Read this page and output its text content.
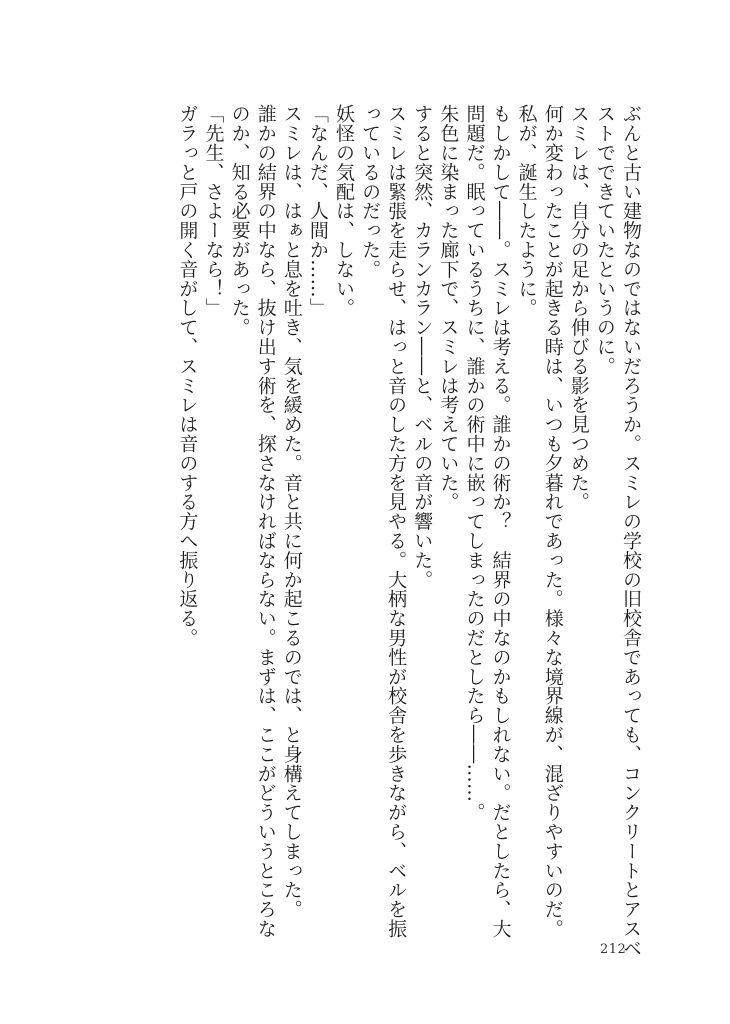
ぶんと古い建物なのではないだろうか。スミレの学校の旧校舎であっても、コンクリートとアスベ
ストでできていたというのに。
スミレは、自分の足から伸びる影を見つめた。
何か変わったことが起きる時は、いつも夕暮れであった。様々な境界線が、混ざりやすいのだ。
私が、誕生したように。
もしかして――。スミレは考える。誰かの術か？　結界の中なのかもしれない。だとしたら、大
問題だ。眠っているうちに、誰かの術中に嵌ってしまったのだとしたら――……。
朱色に染まった廊下で、スミレは考えていた。
すると突然、カランカラン――と、ベルの音が響いた。
スミレは緊張を走らせ、はっと音のした方を見やる。大柄な男性が校舎を歩きながら、ベルを振
っているのだった。
妖怪の気配は、しない。
「なんだ、人間か……」
スミレは、はぁと息を吐き、気を緩めた。音と共に何か起こるのでは、と身構えてしまった。
誰かの結界の中なら、抜け出す術を、探さなければならない。まずは、ここがどういうところな
のか、知る必要があった。
「先生、さよーなら！」
ガラっと戸の開く音がして、スミレは音のする方へ振り返る。
212
